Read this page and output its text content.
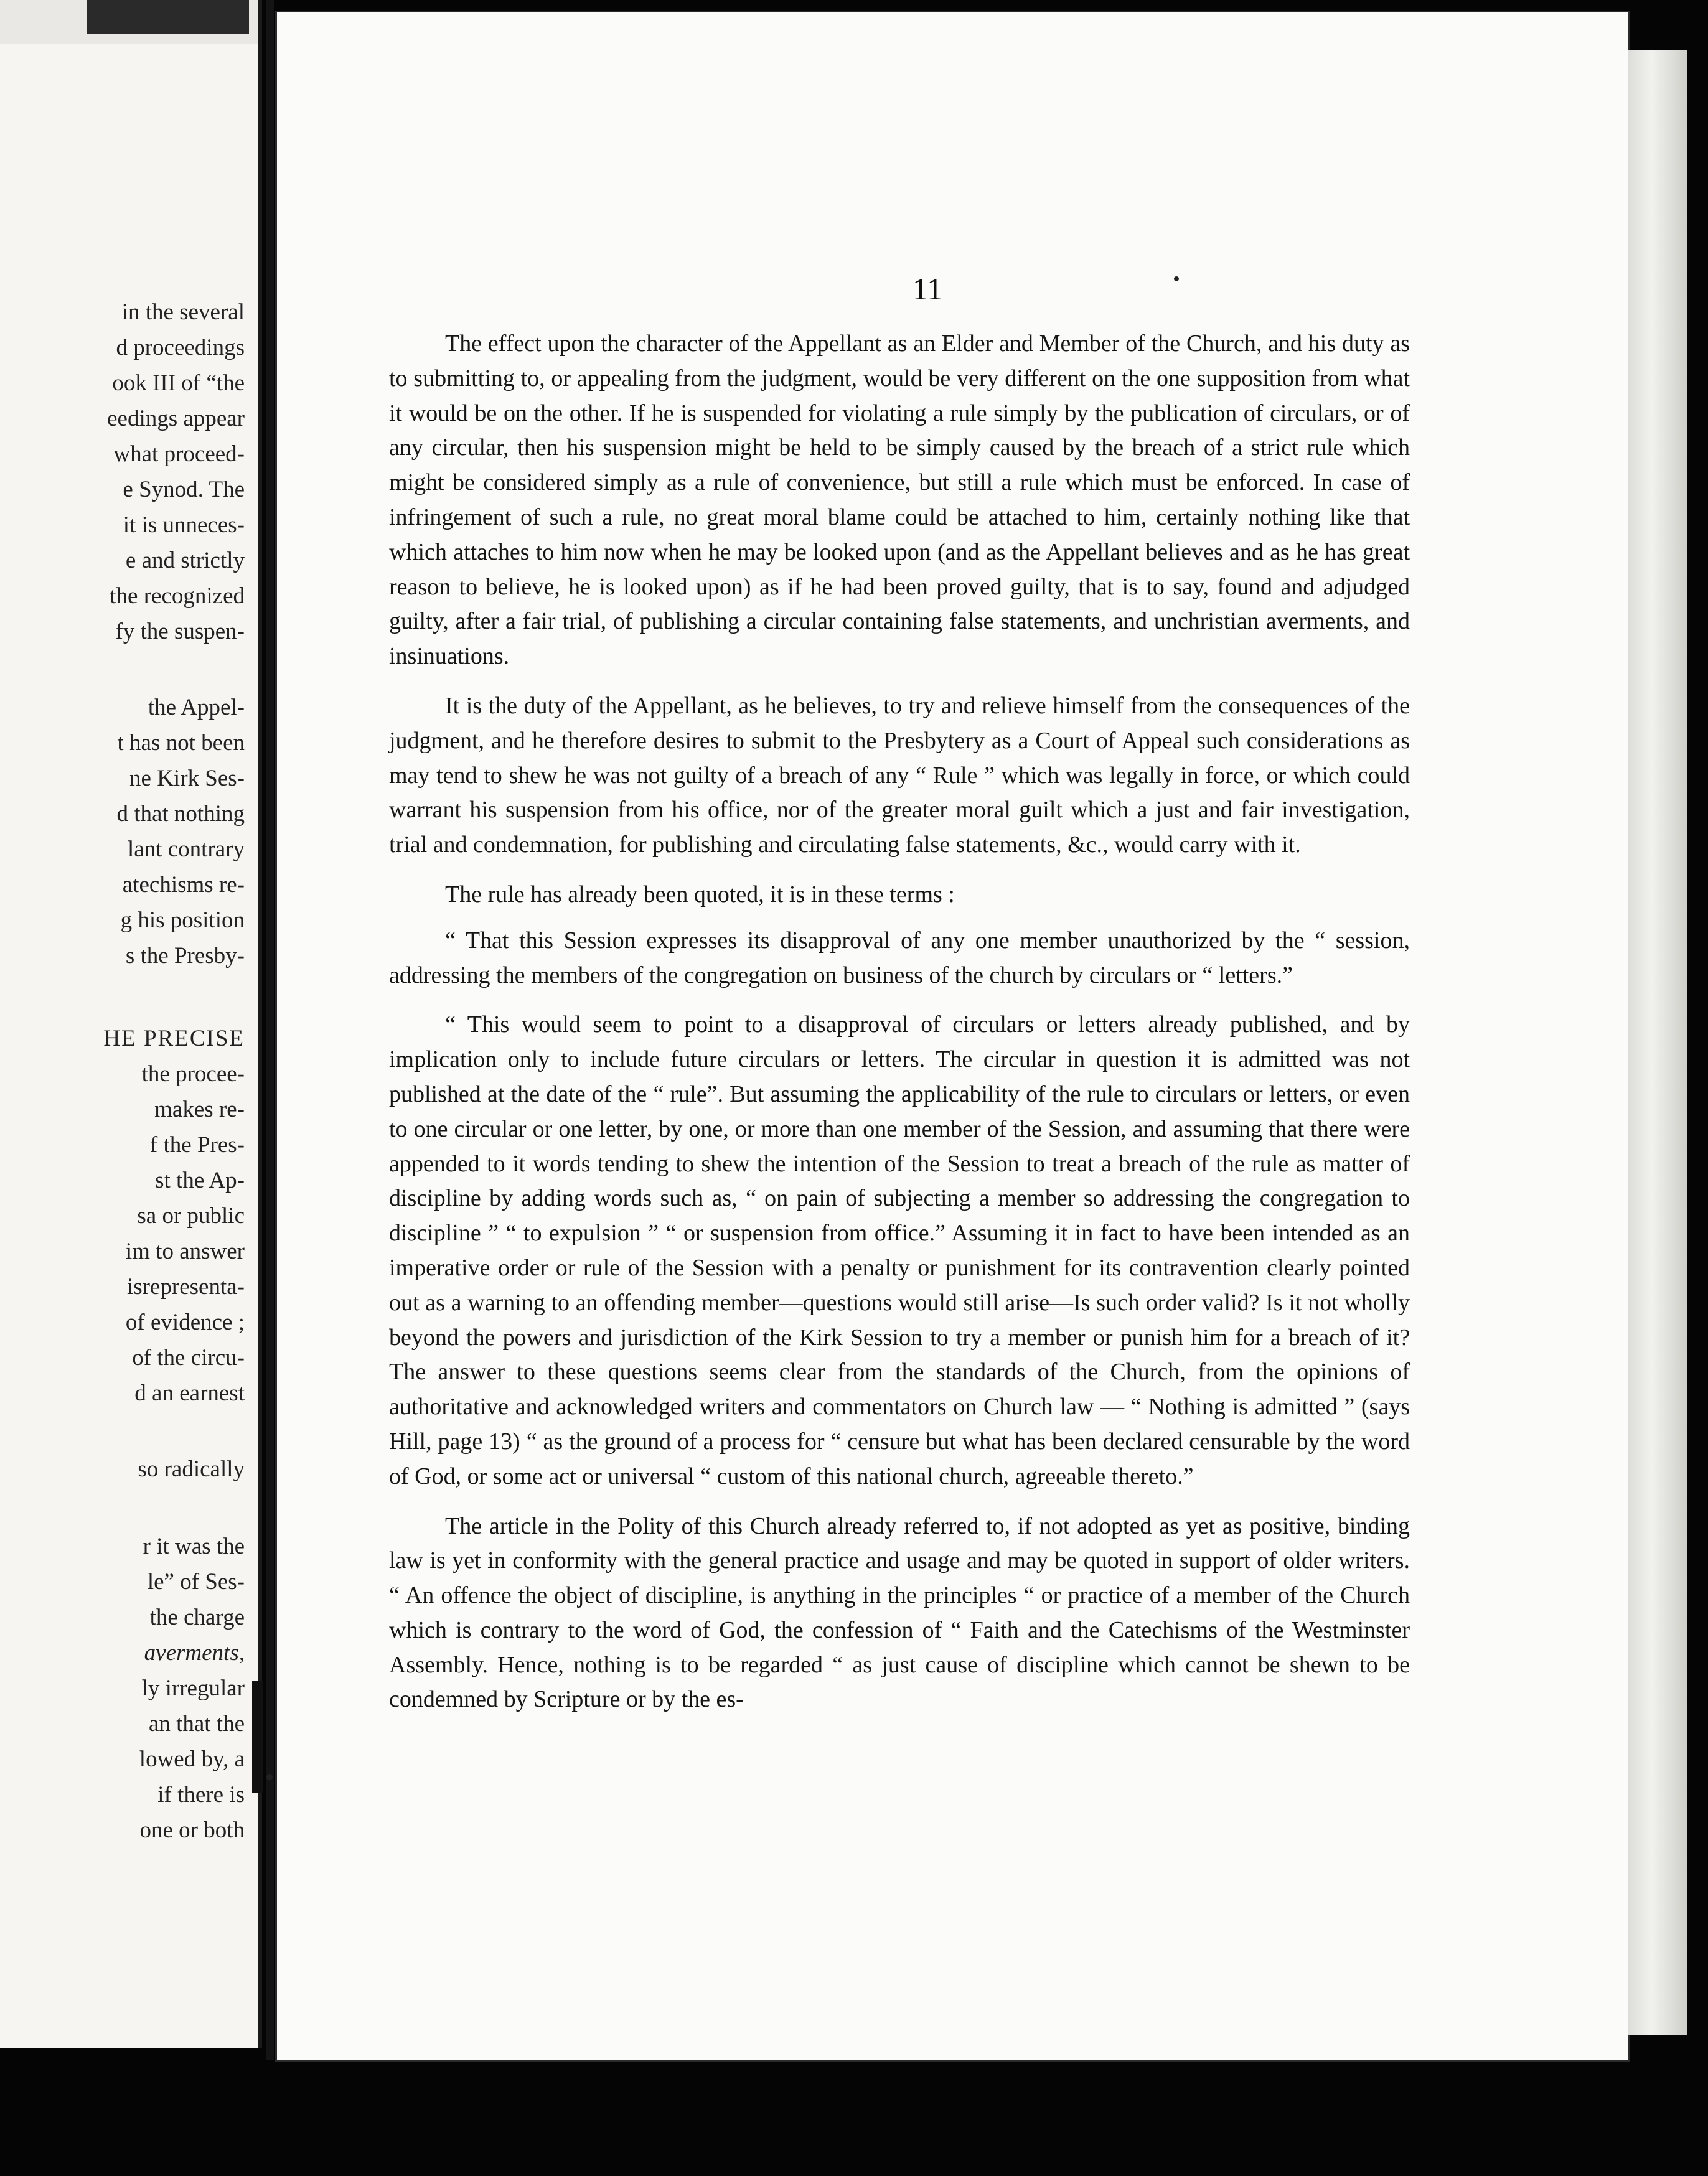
in the several
d proceedings
ook III of “the
eedings appear
what proceed-
e Synod. The
it is unneces-
e and strictly
the recognized
fy the suspen-
the Appel-
t has not been
ne Kirk Ses-
d that nothing
lant contrary
atechisms re-
g his position
s the Presby-
HE PRECISE
the procee-
makes re-
f the Pres-
st the Ap-
sa or public
im to answer
isrepresenta-
of evidence ;
of the circu-
d an earnest
so radically
r it was the
le” of Ses-
the charge
averments,
ly irregular
an that the
lowed by, a
if there is
one or both
11

The effect upon the character of the Appellant as an Elder and Member of the Church, and his duty as to submitting to, or appealing from the judgment, would be very different on the one supposition from what it would be on the other. If he is suspended for violating a rule simply by the publication of circulars, or of any circular, then his suspension might be held to be simply caused by the breach of a strict rule which might be considered simply as a rule of convenience, but still a rule which must be enforced. In case of infringement of such a rule, no great moral blame could be attached to him, certainly nothing like that which attaches to him now when he may be looked upon (and as the Appellant believes and as he has great reason to believe, he is looked upon) as if he had been proved guilty, that is to say, found and adjudged guilty, after a fair trial, of publishing a circular containing false statements, and unchristian averments, and insinuations.

It is the duty of the Appellant, as he believes, to try and relieve himself from the consequences of the judgment, and he therefore desires to submit to the Presbytery as a Court of Appeal such considerations as may tend to shew he was not guilty of a breach of any “ Rule ” which was legally in force, or which could warrant his suspension from his office, nor of the greater moral guilt which a just and fair investigation, trial and condemnation, for publishing and circulating false statements, &c., would carry with it.

The rule has already been quoted, it is in these terms :

“ That this Session expresses its disapproval of any one member unauthorized by the “ session, addressing the members of the congregation on business of the church by circulars or “ letters.”

“ This would seem to point to a disapproval of circulars or letters already published, and by implication only to include future circulars or letters. The circular in question it is admitted was not published at the date of the “ rule”. But assuming the applicability of the rule to circulars or letters, or even to one circular or one letter, by one, or more than one member of the Session, and assuming that there were appended to it words tending to shew the intention of the Session to treat a breach of the rule as matter of discipline by adding words such as, “ on pain of subjecting a member so addressing the congregation to discipline ” “ to expulsion ” “ or suspension from office.” Assuming it in fact to have been intended as an imperative order or rule of the Session with a penalty or punishment for its contravention clearly pointed out as a warning to an offending member—questions would still arise—Is such order valid? Is it not wholly beyond the powers and jurisdiction of the Kirk Session to try a member or punish him for a breach of it? The answer to these questions seems clear from the standards of the Church, from the opinions of authoritative and acknowledged writers and commentators on Church law — “ Nothing is admitted ” (says Hill, page 13) “ as the ground of a process for “ censure but what has been declared censurable by the word of God, or some act or universal “ custom of this national church, agreeable thereto.”

The article in the Polity of this Church already referred to, if not adopted as yet as positive, binding law is yet in conformity with the general practice and usage and may be quoted in support of older writers. “ An offence the object of discipline, is anything in the principles “ or practice of a member of the Church which is contrary to the word of God, the confession of “ Faith and the Catechisms of the Westminster Assembly. Hence, nothing is to be regarded “ as just cause of discipline which cannot be shewn to be condemned by Scripture or by the es-
